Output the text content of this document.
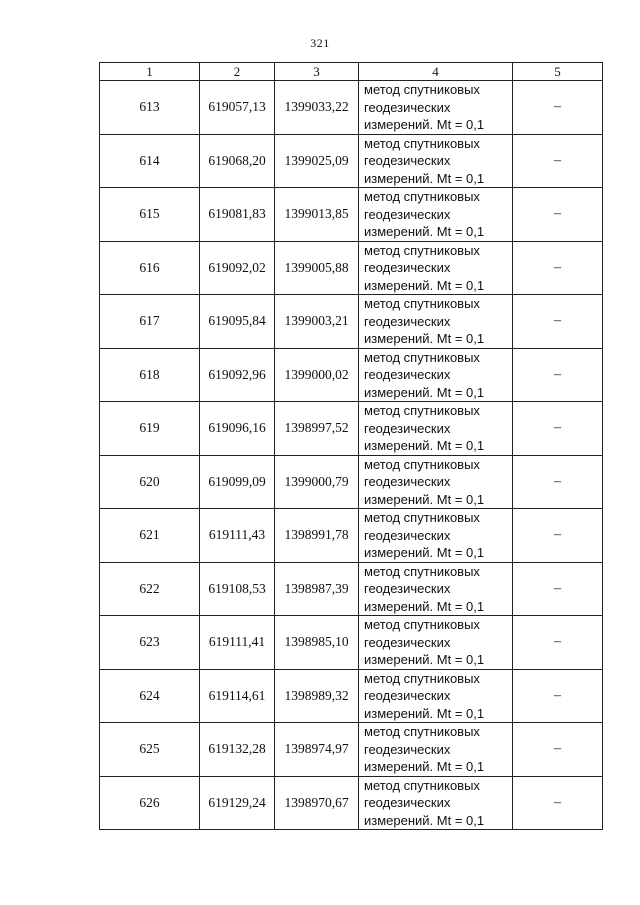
321
1	2	3	4	5
613	619057,13	1399033,22	метод спутниковых
геодезических
измерений. Mt = 0,1	–
614	619068,20	1399025,09	метод спутниковых
геодезических
измерений. Mt = 0,1	–
615	619081,83	1399013,85	метод спутниковых
геодезических
измерений. Mt = 0,1	–
616	619092,02	1399005,88	метод спутниковых
геодезических
измерений. Mt = 0,1	–
617	619095,84	1399003,21	метод спутниковых
геодезических
измерений. Mt = 0,1	–
618	619092,96	1399000,02	метод спутниковых
геодезических
измерений. Mt = 0,1	–
619	619096,16	1398997,52	метод спутниковых
геодезических
измерений. Mt = 0,1	–
620	619099,09	1399000,79	метод спутниковых
геодезических
измерений. Mt = 0,1	–
621	619111,43	1398991,78	метод спутниковых
геодезических
измерений. Mt = 0,1	–
622	619108,53	1398987,39	метод спутниковых
геодезических
измерений. Mt = 0,1	–
623	619111,41	1398985,10	метод спутниковых
геодезических
измерений. Mt = 0,1	–
624	619114,61	1398989,32	метод спутниковых
геодезических
измерений. Mt = 0,1	–
625	619132,28	1398974,97	метод спутниковых
геодезических
измерений. Mt = 0,1	–
626	619129,24	1398970,67	метод спутниковых
геодезических
измерений. Mt = 0,1	–
